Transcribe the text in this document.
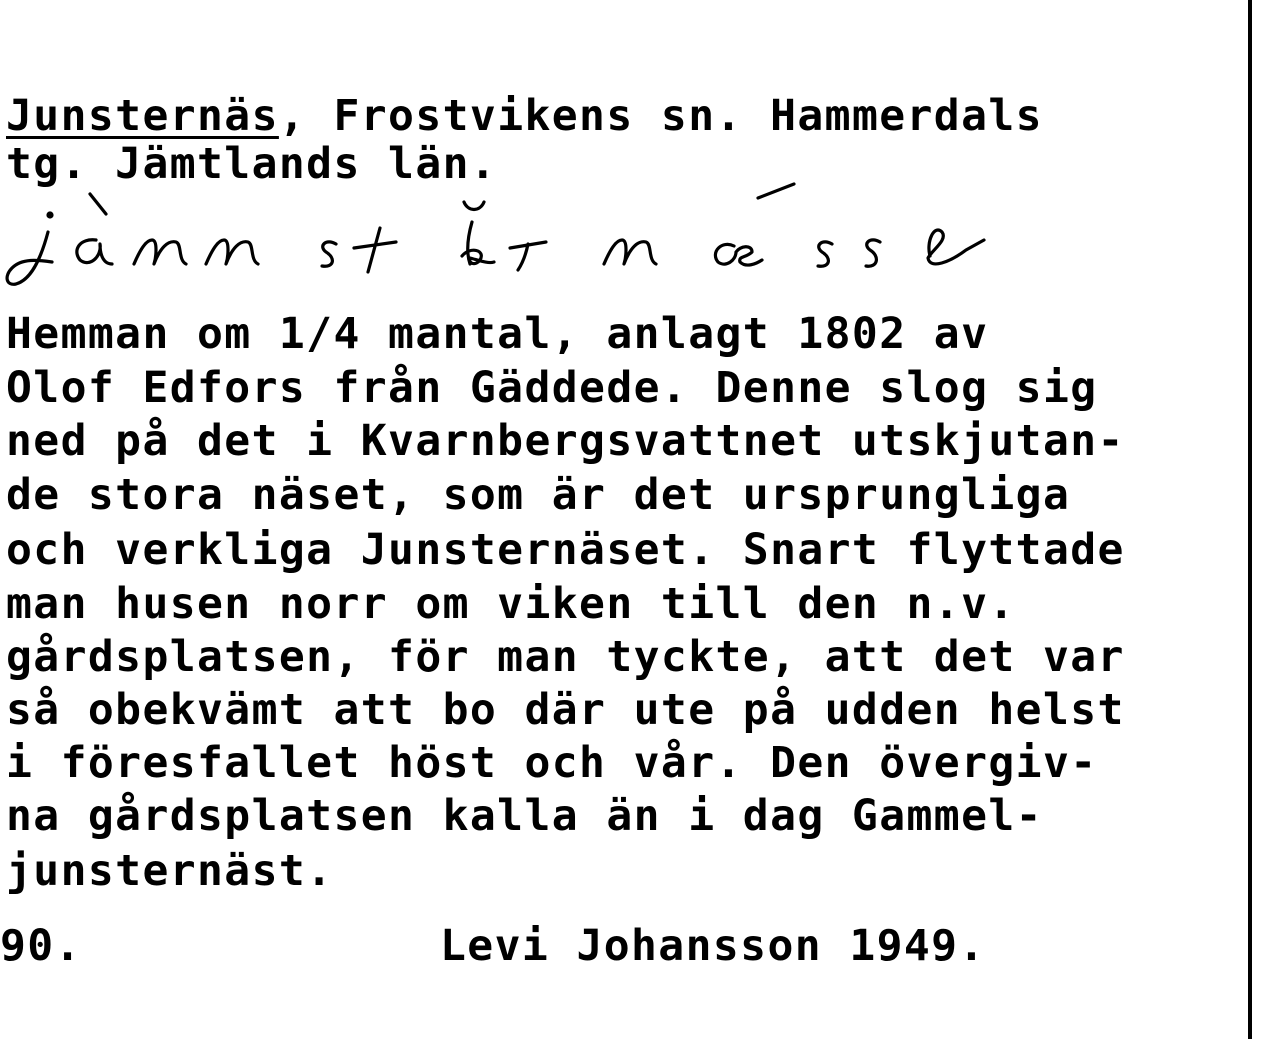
Junsternäs, Frostvikens sn. Hammerdals

tg. Jämtlands län.

jånnstårnæsse

Hemman om 1/4 mantal, anlagt 1802 av

Olof Edfors från Gäddede. Denne slog sig

ned på det i Kvarnbergsvattnet utskjutan-

de stora näset, som är det ursprungliga

och verkliga Junsternäset. Snart flyttade

man husen norr om viken till den n.v.

gårdsplatsen, för man tyckte, att det var

så obekvämt att bo där ute på udden helst

i föresfallet höst och vår. Den övergiv-

na gårdsplatsen kalla än i dag Gammel-

junsternäst.

90.	Levi Johansson 1949.
